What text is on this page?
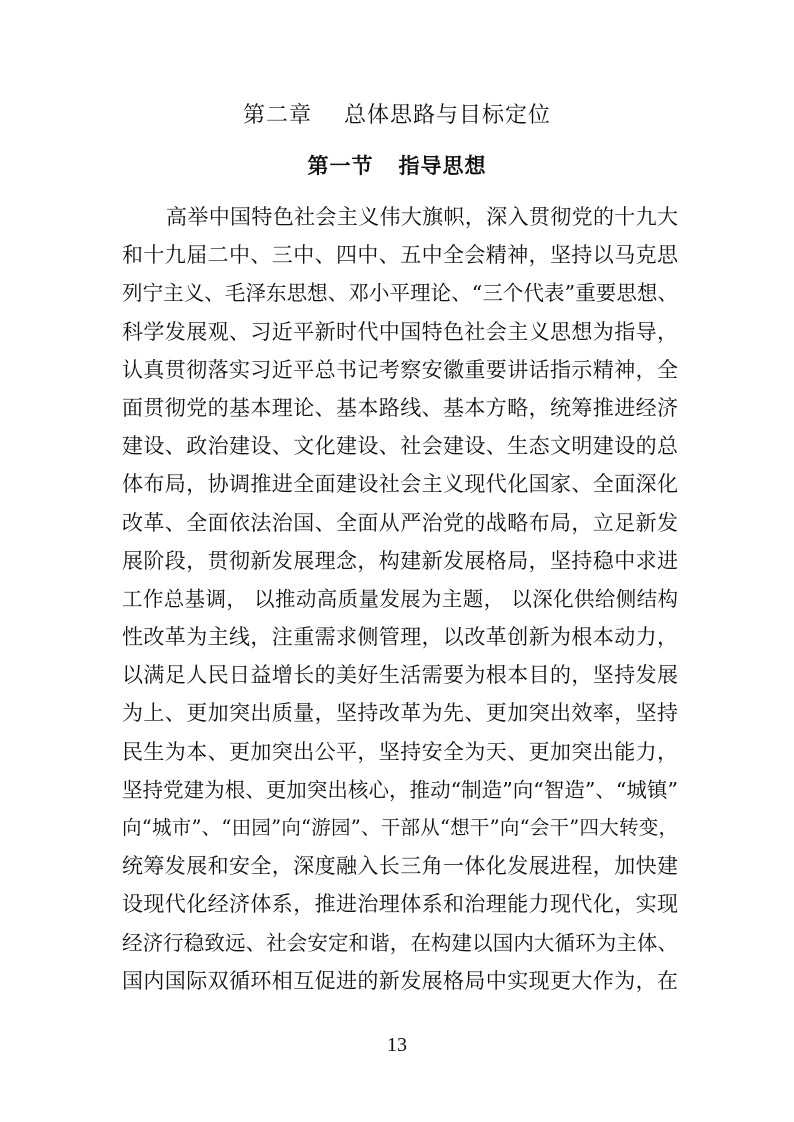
第二章    总体思路与目标定位
第一节   指导思想
高举中国特色社会主义伟大旗帜，深入贯彻党的十九大
和十九届二中、三中、四中、五中全会精神，坚持以马克思
列宁主义、毛泽东思想、邓小平理论、“三个代表”重要思想、
科学发展观、习近平新时代中国特色社会主义思想为指导，
认真贯彻落实习近平总书记考察安徽重要讲话指示精神，全
面贯彻党的基本理论、基本路线、基本方略，统筹推进经济
建设、政治建设、文化建设、社会建设、生态文明建设的总
体布局，协调推进全面建设社会主义现代化国家、全面深化
改革、全面依法治国、全面从严治党的战略布局，立足新发
展阶段，贯彻新发展理念，构建新发展格局，坚持稳中求进
工作总基调， 以推动高质量发展为主题， 以深化供给侧结构
性改革为主线，注重需求侧管理，以改革创新为根本动力，
以满足人民日益增长的美好生活需要为根本目的，坚持发展
为上、更加突出质量，坚持改革为先、更加突出效率，坚持
民生为本、更加突出公平，坚持安全为天、更加突出能力，
坚持党建为根、更加突出核心，推动“制造”向“智造”、“城镇”
向“城市”、“田园”向“游园”、干部从“想干”向“会干”四大转变，
统筹发展和安全，深度融入长三角一体化发展进程，加快建
设现代化经济体系，推进治理体系和治理能力现代化，实现
经济行稳致远、社会安定和谐，在构建以国内大循环为主体、
国内国际双循环相互促进的新发展格局中实现更大作为，在
13
